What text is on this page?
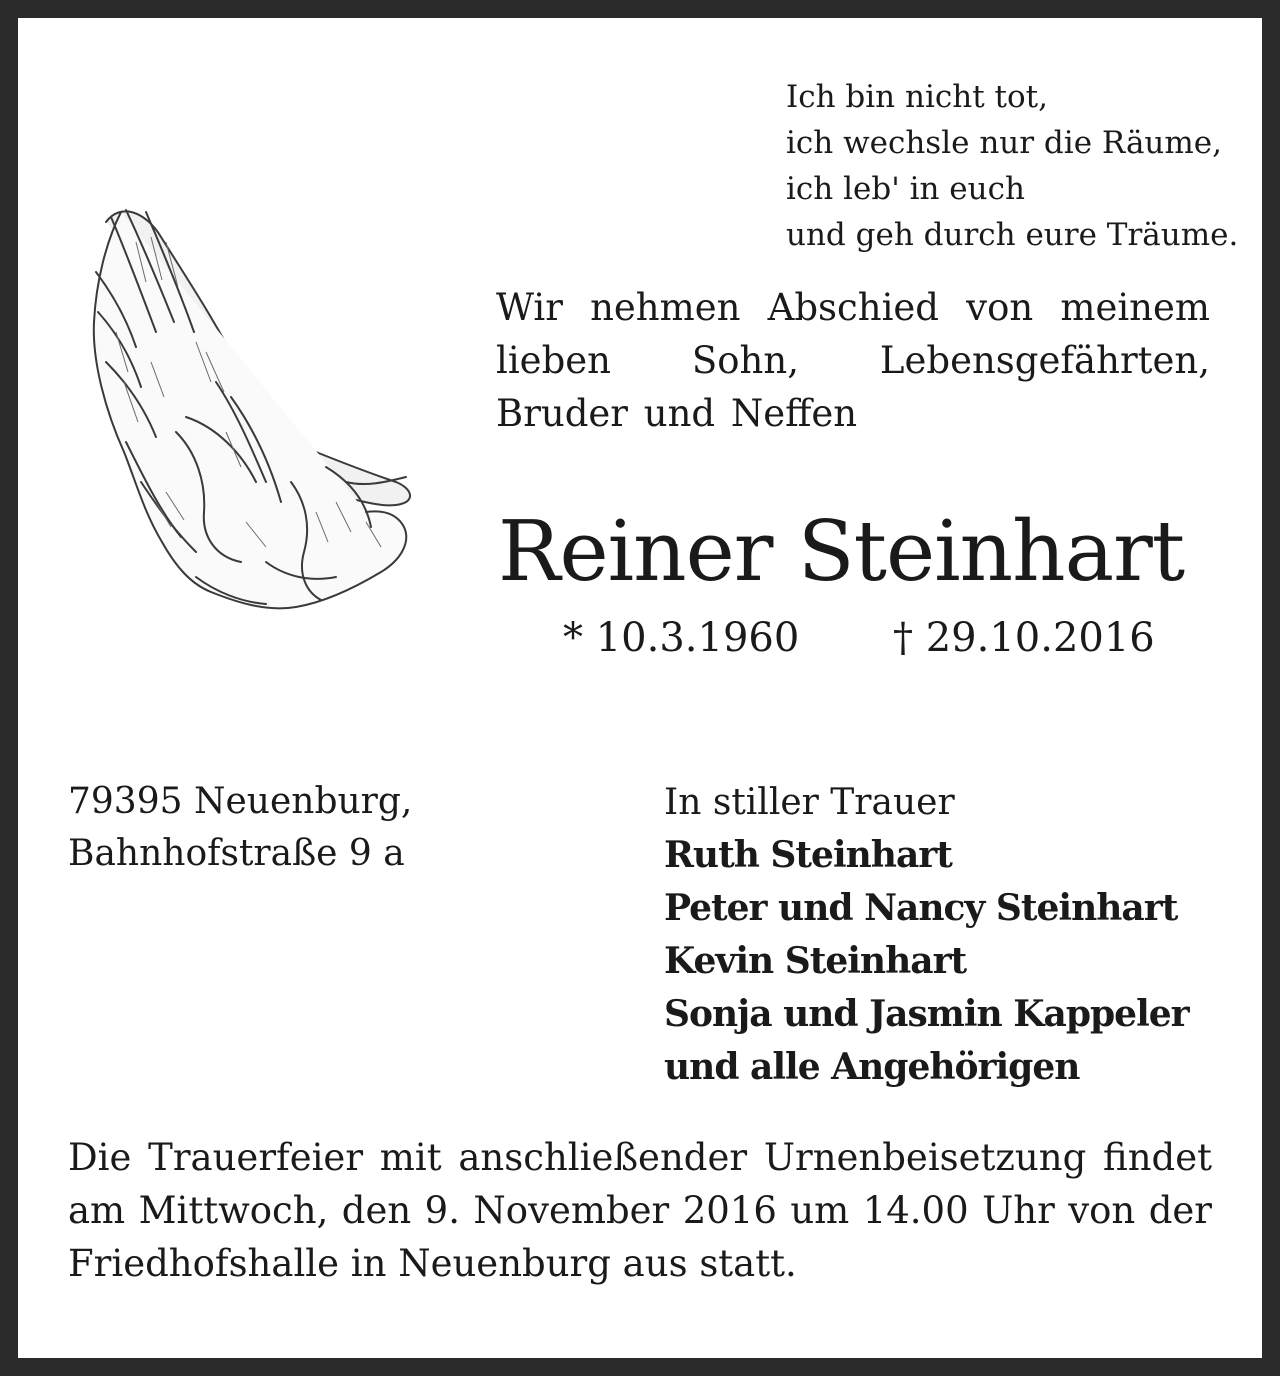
Ich bin nicht tot,
ich wechsle nur die Räume,
ich leb' in euch
und geh durch eure Träume.
Wir nehmen Abschied von meinem lieben Sohn, Lebensgefährten, Bruder und Neffen
Reiner Steinhart
* 10.3.1960 † 29.10.2016
79395 Neuenburg,
Bahnhofstraße 9 a
In stiller Trauer
Ruth Steinhart
Peter und Nancy Steinhart
Kevin Steinhart
Sonja und Jasmin Kappeler
und alle Angehörigen
Die Trauerfeier mit anschließender Urnenbeisetzung findet am Mittwoch, den 9. November 2016 um 14.00 Uhr von der Friedhofshalle in Neuenburg aus statt.
